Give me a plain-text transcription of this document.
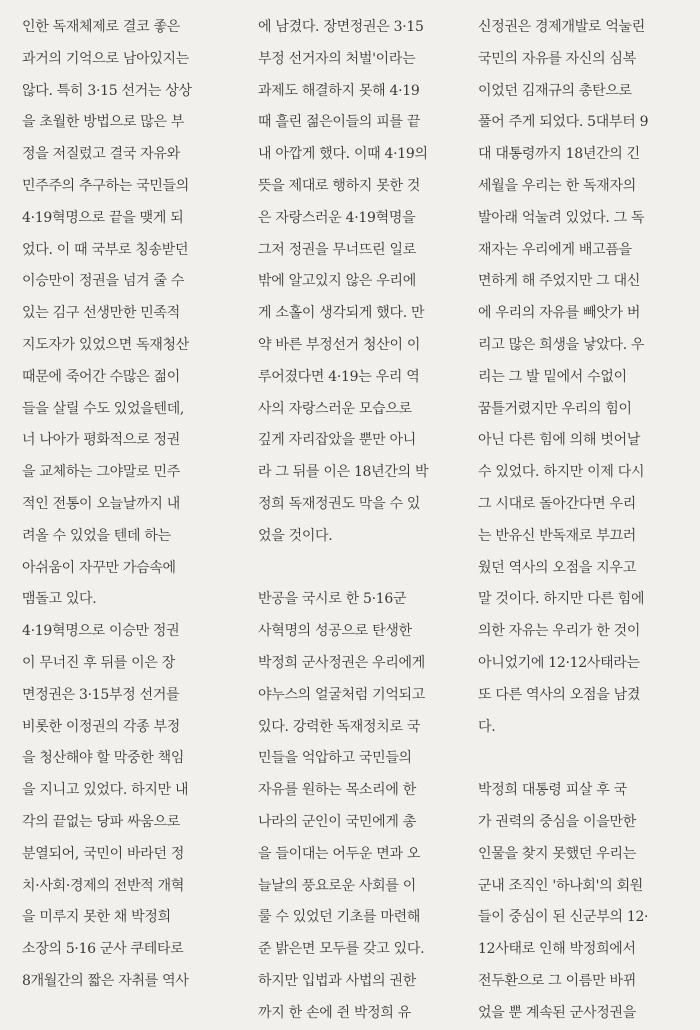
인한 독재체제로 결코 좋은
과거의 기억으로 남아있지는
않다. 특히 3·15 선거는 상상
을 초월한 방법으로 많은 부
정을 저질렀고 결국 자유와
민주주의 추구하는 국민들의
4·19혁명으로 끝을 맺게 되
었다. 이 때 국부로 칭송받던
이승만이 정권을 넘겨 줄 수
있는 김구 선생만한 민족적
지도자가 있었으면 독재청산
때문에 죽어간 수많은 젊이
들을 살릴 수도 있었을텐데,
너 나아가 평화적으로 정권
을 교체하는 그야말로 민주
적인 전통이 오늘날까지 내
려올 수 있었을 텐데 하는
아쉬움이 자꾸만 가슴속에
맴돌고 있다.
4·19혁명으로 이승만 정권
이 무너진 후 뒤를 이은 장
면정권은 3·15부정 선거를
비롯한 이정권의 각종 부정
을 청산해야 할 막중한 책임
을 지니고 있었다. 하지만 내
각의 끝없는 당파 싸움으로
분열되어, 국민이 바라던 정
치·사회·경제의 전반적 개혁
을 미루지 못한 채 박정희
소장의 5·16 군사 쿠테타로
8개월간의 짧은 자취를 역사
에 남겼다. 장면정권은 3·15
부정 선거자의 처벌'이라는
과제도 해결하지 못해 4·19
때 흘린 젊은이들의 피를 끝
내 아깝게 했다. 이때 4·19의
뜻을 제대로 행하지 못한 것
은 자랑스러운 4·19혁명을
그저 정권을 무너뜨린 일로
밖에 알고있지 않은 우리에
게 소홀이 생각되게 했다. 만
약 바른 부정선거 청산이 이
루어졌다면 4·19는 우리 역
사의 자랑스러운 모습으로
깊게 자리잡았을 뿐만 아니
라 그 뒤를 이은 18년간의 박
정희 독재정권도 막을 수 있
었을 것이다.
반공을 국시로 한 5·16군
사혁명의 성공으로 탄생한
박정희 군사정권은 우리에게
야누스의 얼굴처럼 기억되고
있다. 강력한 독재정치로 국
민들을 억압하고 국민들의
자유를 원하는 목소리에 한
나라의 군인이 국민에게 총
을 들이대는 어두운 면과 오
늘날의 풍요로운 사회를 이
룰 수 있었던 기초를 마련해
준 밝은면 모두를 갖고 있다.
하지만 입법과 사법의 권한
까지 한 손에 쥔 박정희 유
신정권은 경제개발로 억눌린
국민의 자유를 자신의 심복
이었던 김재규의 총탄으로
풀어 주게 되었다. 5대부터 9
대 대통령까지 18년간의 긴
세월을 우리는 한 독재자의
발아래 억눌려 있었다. 그 독
재자는 우리에게 배고픔을
면하게 해 주었지만 그 대신
에 우리의 자유를 빼앗가 버
리고 많은 희생을 낳았다. 우
리는 그 발 밑에서 수없이
꿈틀거렸지만 우리의 힘이
아닌 다른 힘에 의해 벗어날
수 있었다. 하지만 이제 다시
그 시대로 돌아간다면 우리
는 반유신 반독재로 부끄러
웠던 역사의 오점을 지우고
말 것이다. 하지만 다른 힘에
의한 자유는 우리가 한 것이
아니었기에 12·12사태라는
또 다른 역사의 오점을 남겼
다.
박정희 대통령 피살 후 국
가 권력의 중심을 이을만한
인물을 찾지 못했던 우리는
군내 조직인 '하나회'의 회원
들이 중심이 된 신군부의 12·
12사태로 인해 박정희에서
전두환으로 그 이름만 바뀌
었을 뿐 계속된 군사정권을
